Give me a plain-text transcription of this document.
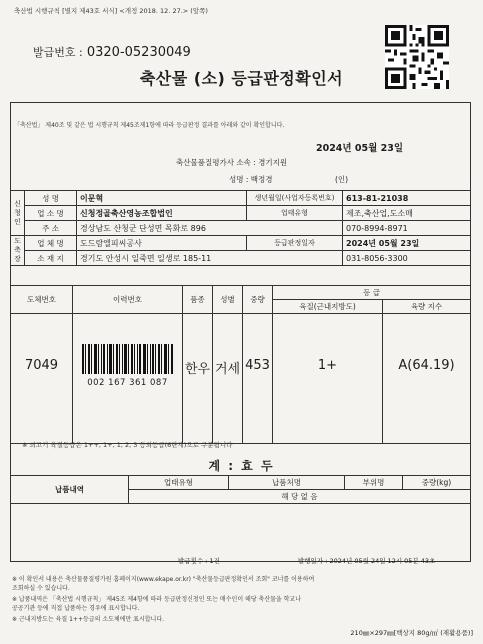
축산법 시행규칙 [별지 제43호 서식] <개정 2018. 12. 27.> (앞쪽)
발급번호 : 0320-05230049
축산물 (소) 등급판정확인서
「축산법」 제40조 및 같은 법 시행규칙 제45조제1항에 따라 등급판정 결과를 아래와 같이 확인합니다.
2024년 05월 23일
축산물품질평가사 소속 : 경기지원
성명 : 백정경	(인)
신청인	성 명	이문혁	생년월일(사업자등록번호)	613-81-21038
	업 소 명	신청정골축산영농조합법인	업태유형	제조,축산업,도소매
	주 소	경상남도 산청군 단성면 목화로 896		070-8994-8971
도축장	업 체 명	도드람엘피씨공사	등급판정일자	2024년 05월 23일
	소 재 지	경기도 안성시 일죽면 일생로 185-11		031-8056-3300
도체번호	이력번호	품종	성별	중량	등 급	
					육질(근내지방도)	육량 지수
7049	002 167 361 087	한우	거세	453	1+	A(64.19)
※ 쇠고기 육질등급은 1++, 1+, 1, 2, 3 등외등급(6단계)으로 구분됩니다
계 : 효 두
납품내역	업태유형	납품처명	부위명	중량(kg)
해 당 없 음
발급횟수 : 1건	발행일자 : 2024년 05월 24일 12시 05분 43초
※ 이 확인서 내용은 축산물품질평가원 홈페이지(www.ekape.or.kr) "축산물등급판정확인서 조회" 코너를 이용하여
조회하실 수 있습니다.
※ 납품내역은 「축산법 시행규칙」 제45조 제4항에 따라 등급판정신청인 또는 매수인이 해당 축산물을 학교나
공공기관 등에 직접 납품하는 경우에 표시합니다.
※ 근내지방도는 육질 1++등급의 소도체에만 표시합니다.
210㎜×297㎜[백상지 80g/㎡ (재활용품)]
